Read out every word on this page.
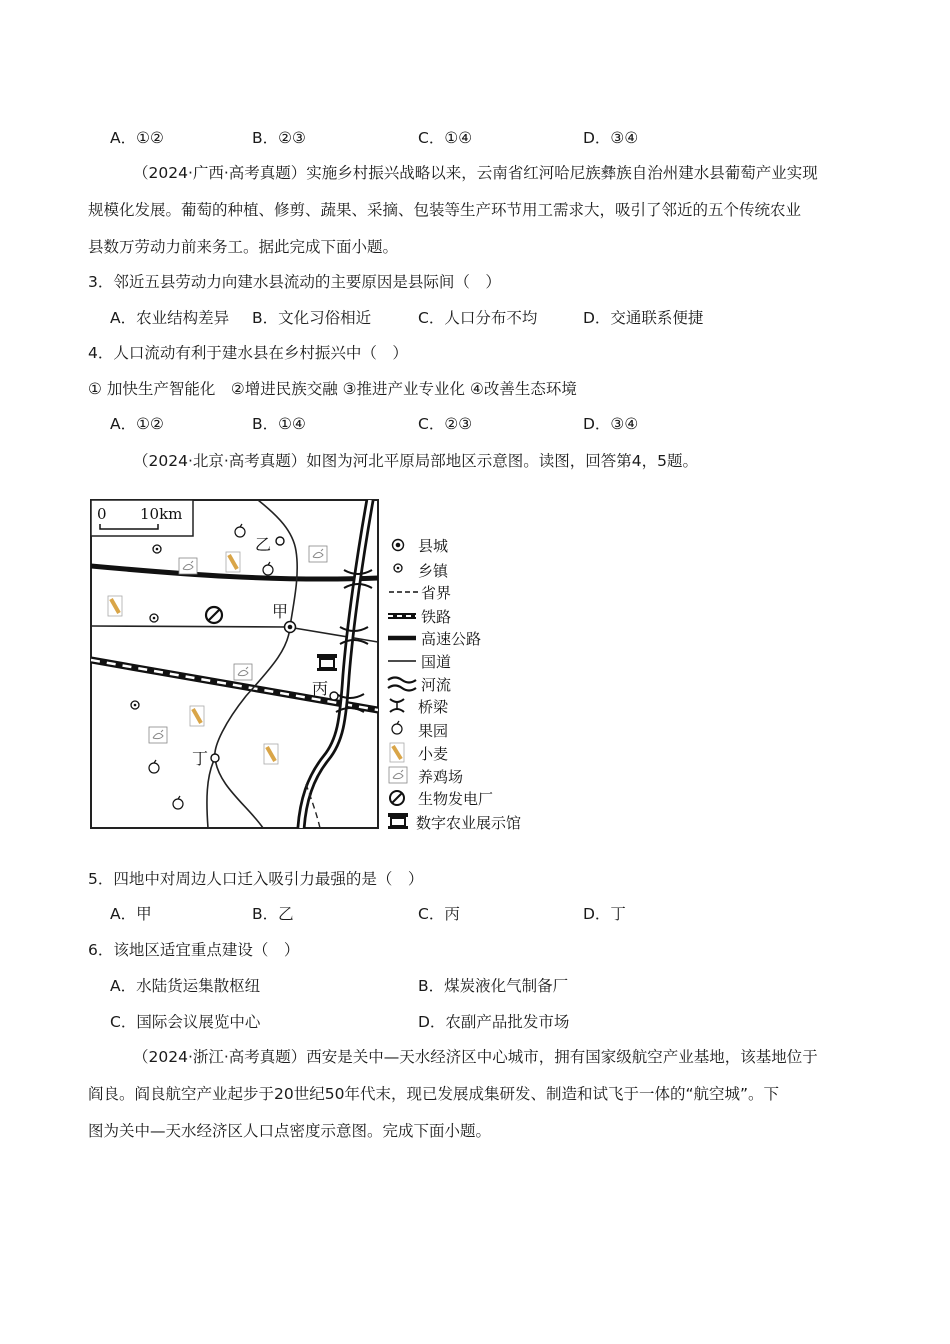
A．①②	B．②③	C．①④	D．③④
（2024·广西·高考真题）实施乡村振兴战略以来，云南省红河哈尼族彝族自治州建水县葡萄产业实现
规模化发展。葡萄的种植、修剪、蔬果、采摘、包装等生产环节用工需求大，吸引了邻近的五个传统农业
县数万劳动力前来务工。据此完成下面小题。
3．邻近五县劳动力向建水县流动的主要原因是县际间（　）
A．农业结构差异 B．文化习俗相近	C．人口分布不均	D．交通联系便捷
4．人口流动有利于建水县在乡村振兴中（　）
① 加快生产智能化　②增进民族交融 ③推进产业专业化 ④改善生态环境
A．①②	B．①④	C．②③	D．③④
（2024·北京·高考真题）如图为河北平原局部地区示意图。读图，回答第4，5题。
0 10km
甲
乙
丙
丁
县城
乡镇
省界
铁路
高速公路
国道
河流
桥梁
果园
小麦
养鸡场
生物发电厂
数字农业展示馆
5．四地中对周边人口迁入吸引力最强的是（　）
A．甲	B．乙	C．丙	D．丁
6．该地区适宜重点建设（　）
A．水陆货运集散枢纽	B．煤炭液化气制备厂
C．国际会议展览中心	D．农副产品批发市场
（2024·浙江·高考真题）西安是关中—天水经济区中心城市，拥有国家级航空产业基地，该基地位于
阎良。阎良航空产业起步于20世纪50年代末，现已发展成集研发、制造和试飞于一体的“航空城”。下
图为关中—天水经济区人口点密度示意图。完成下面小题。
